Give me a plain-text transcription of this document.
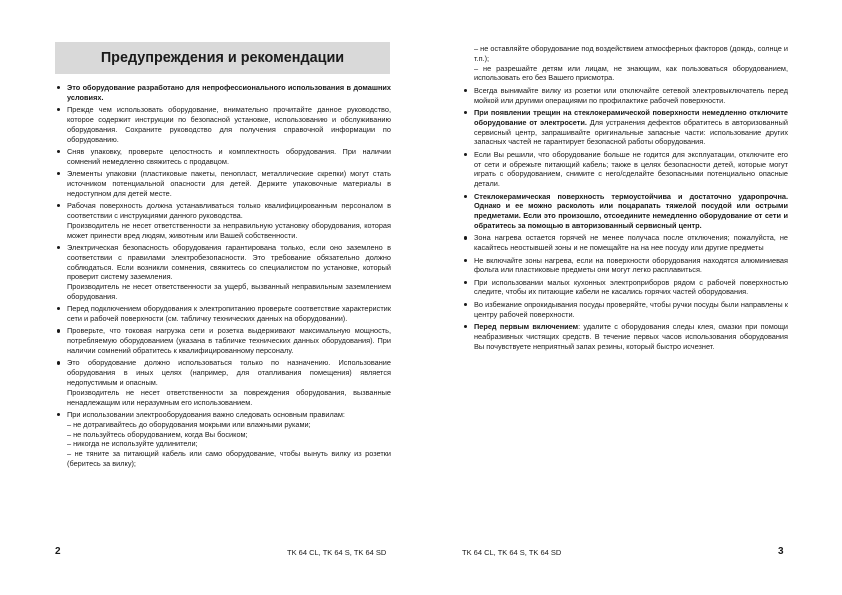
Предупреждения и рекомендации
Это оборудование разработано для непрофессионального использования в домашних условиях.
Прежде чем использовать оборудование, внимательно прочитайте данное руководство, которое содержит инструкции по безопасной установке, использованию и обслуживанию оборудования. Сохраните руководство для получения справочной информации по оборудованию.
Сняв упаковку, проверьте целостность и комплектность оборудования. При наличии сомнений немедленно свяжитесь с продавцом.
Элементы упаковки (пластиковые пакеты, пенопласт, металлические скрепки) могут стать источником потенциальной опасности для детей. Держите упаковочные материалы в недоступном для детей месте.
Рабочая поверхность должна устанавливаться только квалифицированным персоналом в соответствии с инструкциями данного руководства.
Производитель не несет ответственности за неправильную установку оборудования, которая может принести вред людям, животным или Вашей собственности.
Электрическая безопасность оборудования гарантирована только, если оно заземлено в соответствии с правилами электробезопасности. Это требование обязательно должно соблюдаться. Если возникли сомнения, свяжитесь со специалистом по установке, который проверит систему заземления.
Производитель не несет ответственности за ущерб, вызванный неправильным заземлением оборудования.
Перед подключением оборудования к электропитанию проверьте соответствие характеристик сети и рабочей поверхности (см. табличку технических данных на оборудовании).
Проверьте, что токовая нагрузка сети и розетка выдерживают максимальную мощность, потребляемую оборудованием (указана в табличке технических данных оборудования). При наличии сомнений обратитесь к квалифицированному персоналу.
Это оборудование должно использоваться только по назначению. Использование оборудования в иных целях (например, для отапливания помещения) является недопустимым и опасным.
Производитель не несет ответственности за повреждения оборудования, вызванные ненадлежащим или неразумным его использованием.
При использовании электрооборудования важно следовать основным правилам:
– не дотрагивайтесь до оборудования мокрыми или влажными руками;
– не пользуйтесь оборудованием, когда Вы босиком;
– никогда не используйте удлинители;
– не тяните за питающий кабель или само оборудование, чтобы вынуть вилку из розетки (беритесь за вилку);

– не оставляйте оборудование под воздействием атмосферных факторов (дождь, солнце и т.п.);

– не разрешайте детям или лицам, не знающим, как пользоваться оборудованием, использовать его без Вашего присмотра.

Всегда вынимайте вилку из розетки или отключайте сетевой электровыключатель перед мойкой или другими операциями по профилактике рабочей поверхности.
При появлении трещин на стеклокерамической поверхности немедленно отключите оборудование от электросети. Для устранения дефектов обратитесь в авторизованный сервисный центр, запрашивайте оригинальные запасные части: использование других запасных частей не гарантирует безопасной работы оборудования.
Если Вы решили, что оборудование больше не годится для эксплуатации, отключите его от сети и обрежьте питающий кабель; также в целях безопасности детей, которые могут играть с оборудованием, снимите с него/сделайте безопасными потенциально опасные детали.
Стеклокерамическая поверхность термоустойчива и достаточно ударопрочна. Однако и ее можно расколоть или поцарапать тяжелой посудой или острыми предметами. Если это произошло, отсоедините немедленно оборудование от сети и обратитесь за помощью в авторизованный сервисный центр.
Зона нагрева остается горячей не менее получаса после отключения; пожалуйста, не касайтесь неостывшей зоны и не помещайте на на нее посуду или другие предметы
Не включайте зоны нагрева, если на поверхности оборудования находятся алюминиевая фольга или пластиковые предметы они могут легко расплавиться.
При использовании малых кухонных электроприборов рядом с рабочей поверхностью следите, чтобы их питающие кабели не касались горячих частей оборудования.
Во избежание опрокидывания посуды проверяйте, чтобы ручки посуды были направлены к центру рабочей поверхности.
Перед первым включением: удалите с оборудования следы клея, смазки при помощи неабразивных чистящих средств. В течение первых часов использования оборудования Вы почувствуете неприятный запах резины, который быстро исчезнет.
2	TK 64 CL, TK 64 S, TK 64 SD	TK 64 CL, TK 64 S, TK 64 SD	3
